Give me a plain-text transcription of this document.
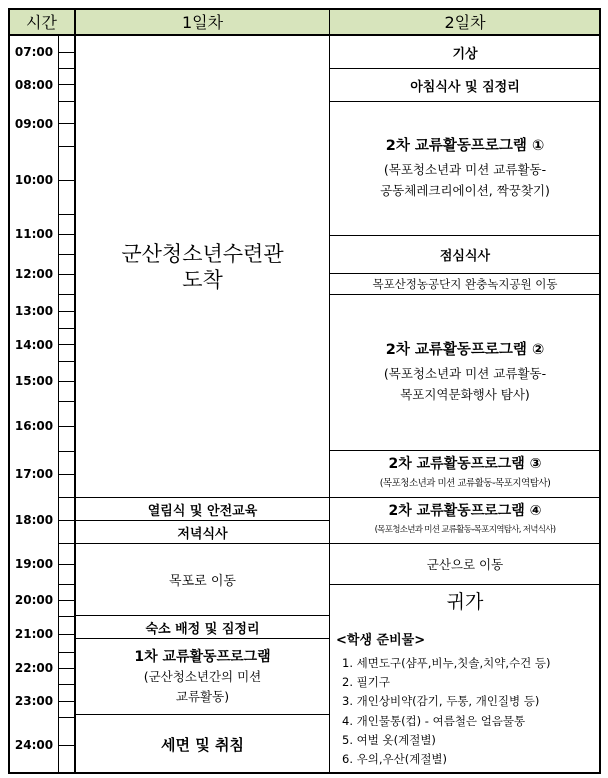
시간	1일차	2일차
07:00
08:00
09:00
10:00
11:00
12:00
13:00
14:00
15:00
16:00
17:00
18:00
19:00
20:00
21:00
22:00
23:00
24:00
군산청소년수련관
도착
열림식 및 안전교육
저녁식사
목포로 이동
숙소 배정 및 짐정리
1차 교류활동프로그램
(군산청소년간의 미션
교류활동)
세면 및 취침
기상
아침식사 및 짐정리
2차 교류활동프로그램 ①
(목포청소년과 미션 교류활동-
공동체레크리에이션, 짝꿍찾기)
점심식사
목포산정농공단지 완충녹지공원 이동
2차 교류활동프로그램 ②
(목포청소년과 미션 교류활동-
목포지역문화행사 탐사)
2차 교류활동프로그램 ③
(목포청소년과 미션 교류활동-목포지역탐사)
2차 교류활동프로그램 ④
(목포청소년과 미션 교류활동-목포지역탐사, 저녁식사)
군산으로 이동
귀가
<학생 준비물>
1. 세면도구(샴푸,비누,칫솔,치약,수건 등)
2. 필기구
3. 개인상비약(감기, 두통, 개인질병 등)
4. 개인물통(컵) - 여름철은 얼음물통
5. 여벌 옷(계절별)
6. 우의,우산(계절별)
